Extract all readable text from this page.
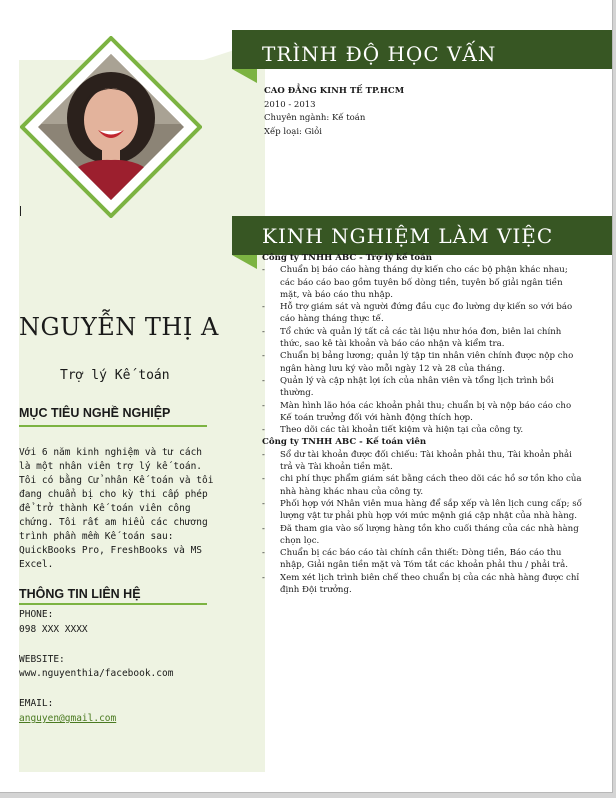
NGUYỄN THỊ A
Trợ lý Kế toán
MỤC TIÊU NGHỀ NGHIỆP
Với 6 năm kinh nghiệm và tư cách là một nhân viên trợ lý kế toán. Tôi có bằng Cử nhân Kế toán và tôi đang chuẩn bị cho kỳ thi cấp phép để trở thành Kế toán viên công chứng. Tôi rất am hiểu các chương trình phần mềm Kế toán sau: QuickBooks Pro, FreshBooks và MS Excel.
THÔNG TIN LIÊN HỆ
PHONE:
098 XXX XXXX
WEBSITE:
www.nguyenthia/facebook.com
EMAIL:
anguyen@gmail.com
TRÌNH ĐỘ HỌC VẤN
CAO ĐẲNG KINH TẾ TP.HCM
2010 - 2013
Chuyên ngành: Kế toán
Xếp loại: Giỏi
KINH NGHIỆM LÀM VIỆC
Công ty TNHH ABC - Trợ lý kế toán
- Chuẩn bị báo cáo hàng tháng dự kiến cho các bộ phận khác nhau; các báo cáo bao gồm tuyên bố dòng tiền, tuyên bố giải ngân tiền mặt, và báo cáo thu nhập.
- Hỗ trợ giám sát và người đứng đầu cục đo lường dự kiến so với báo cáo hàng tháng thực tế.
- Tổ chức và quản lý tất cả các tài liệu như hóa đơn, biên lai chính thức, sao kê tài khoản và báo cáo nhận và kiểm tra.
- Chuẩn bị bảng lương; quản lý tập tin nhân viên chính được nộp cho ngân hàng lưu ký vào mỗi ngày 12 và 28 của tháng.
- Quản lý và cập nhật lợi ích của nhân viên và tổng lịch trình bồi thường.
- Màn hình lão hóa các khoản phải thu; chuẩn bị và nộp báo cáo cho Kế toán trưởng đối với hành động thích hợp.
- Theo dõi các tài khoản tiết kiệm và hiện tại của công ty.
Công ty TNHH ABC - Kế toán viên
- Sổ dư tài khoản được đối chiếu: Tài khoản phải thu, Tài khoản phải trả và Tài khoản tiền mặt.
- chi phí thực phẩm giám sát bằng cách theo dõi các hồ sơ tồn kho của nhà hàng khác nhau của công ty.
- Phối hợp với Nhân viên mua hàng để sắp xếp và lên lịch cung cấp; số lượng vật tư phải phù hợp với mức mệnh giá cập nhật của nhà hàng.
- Đã tham gia vào số lượng hàng tồn kho cuối tháng của các nhà hàng chọn lọc.
- Chuẩn bị các báo cáo tài chính cần thiết: Dòng tiền, Báo cáo thu nhập, Giải ngân tiền mặt và Tóm tắt các khoản phải thu / phải trả.
- Xem xét lịch trình biên chế theo chuẩn bị của các nhà hàng được chỉ định Đội trưởng.
